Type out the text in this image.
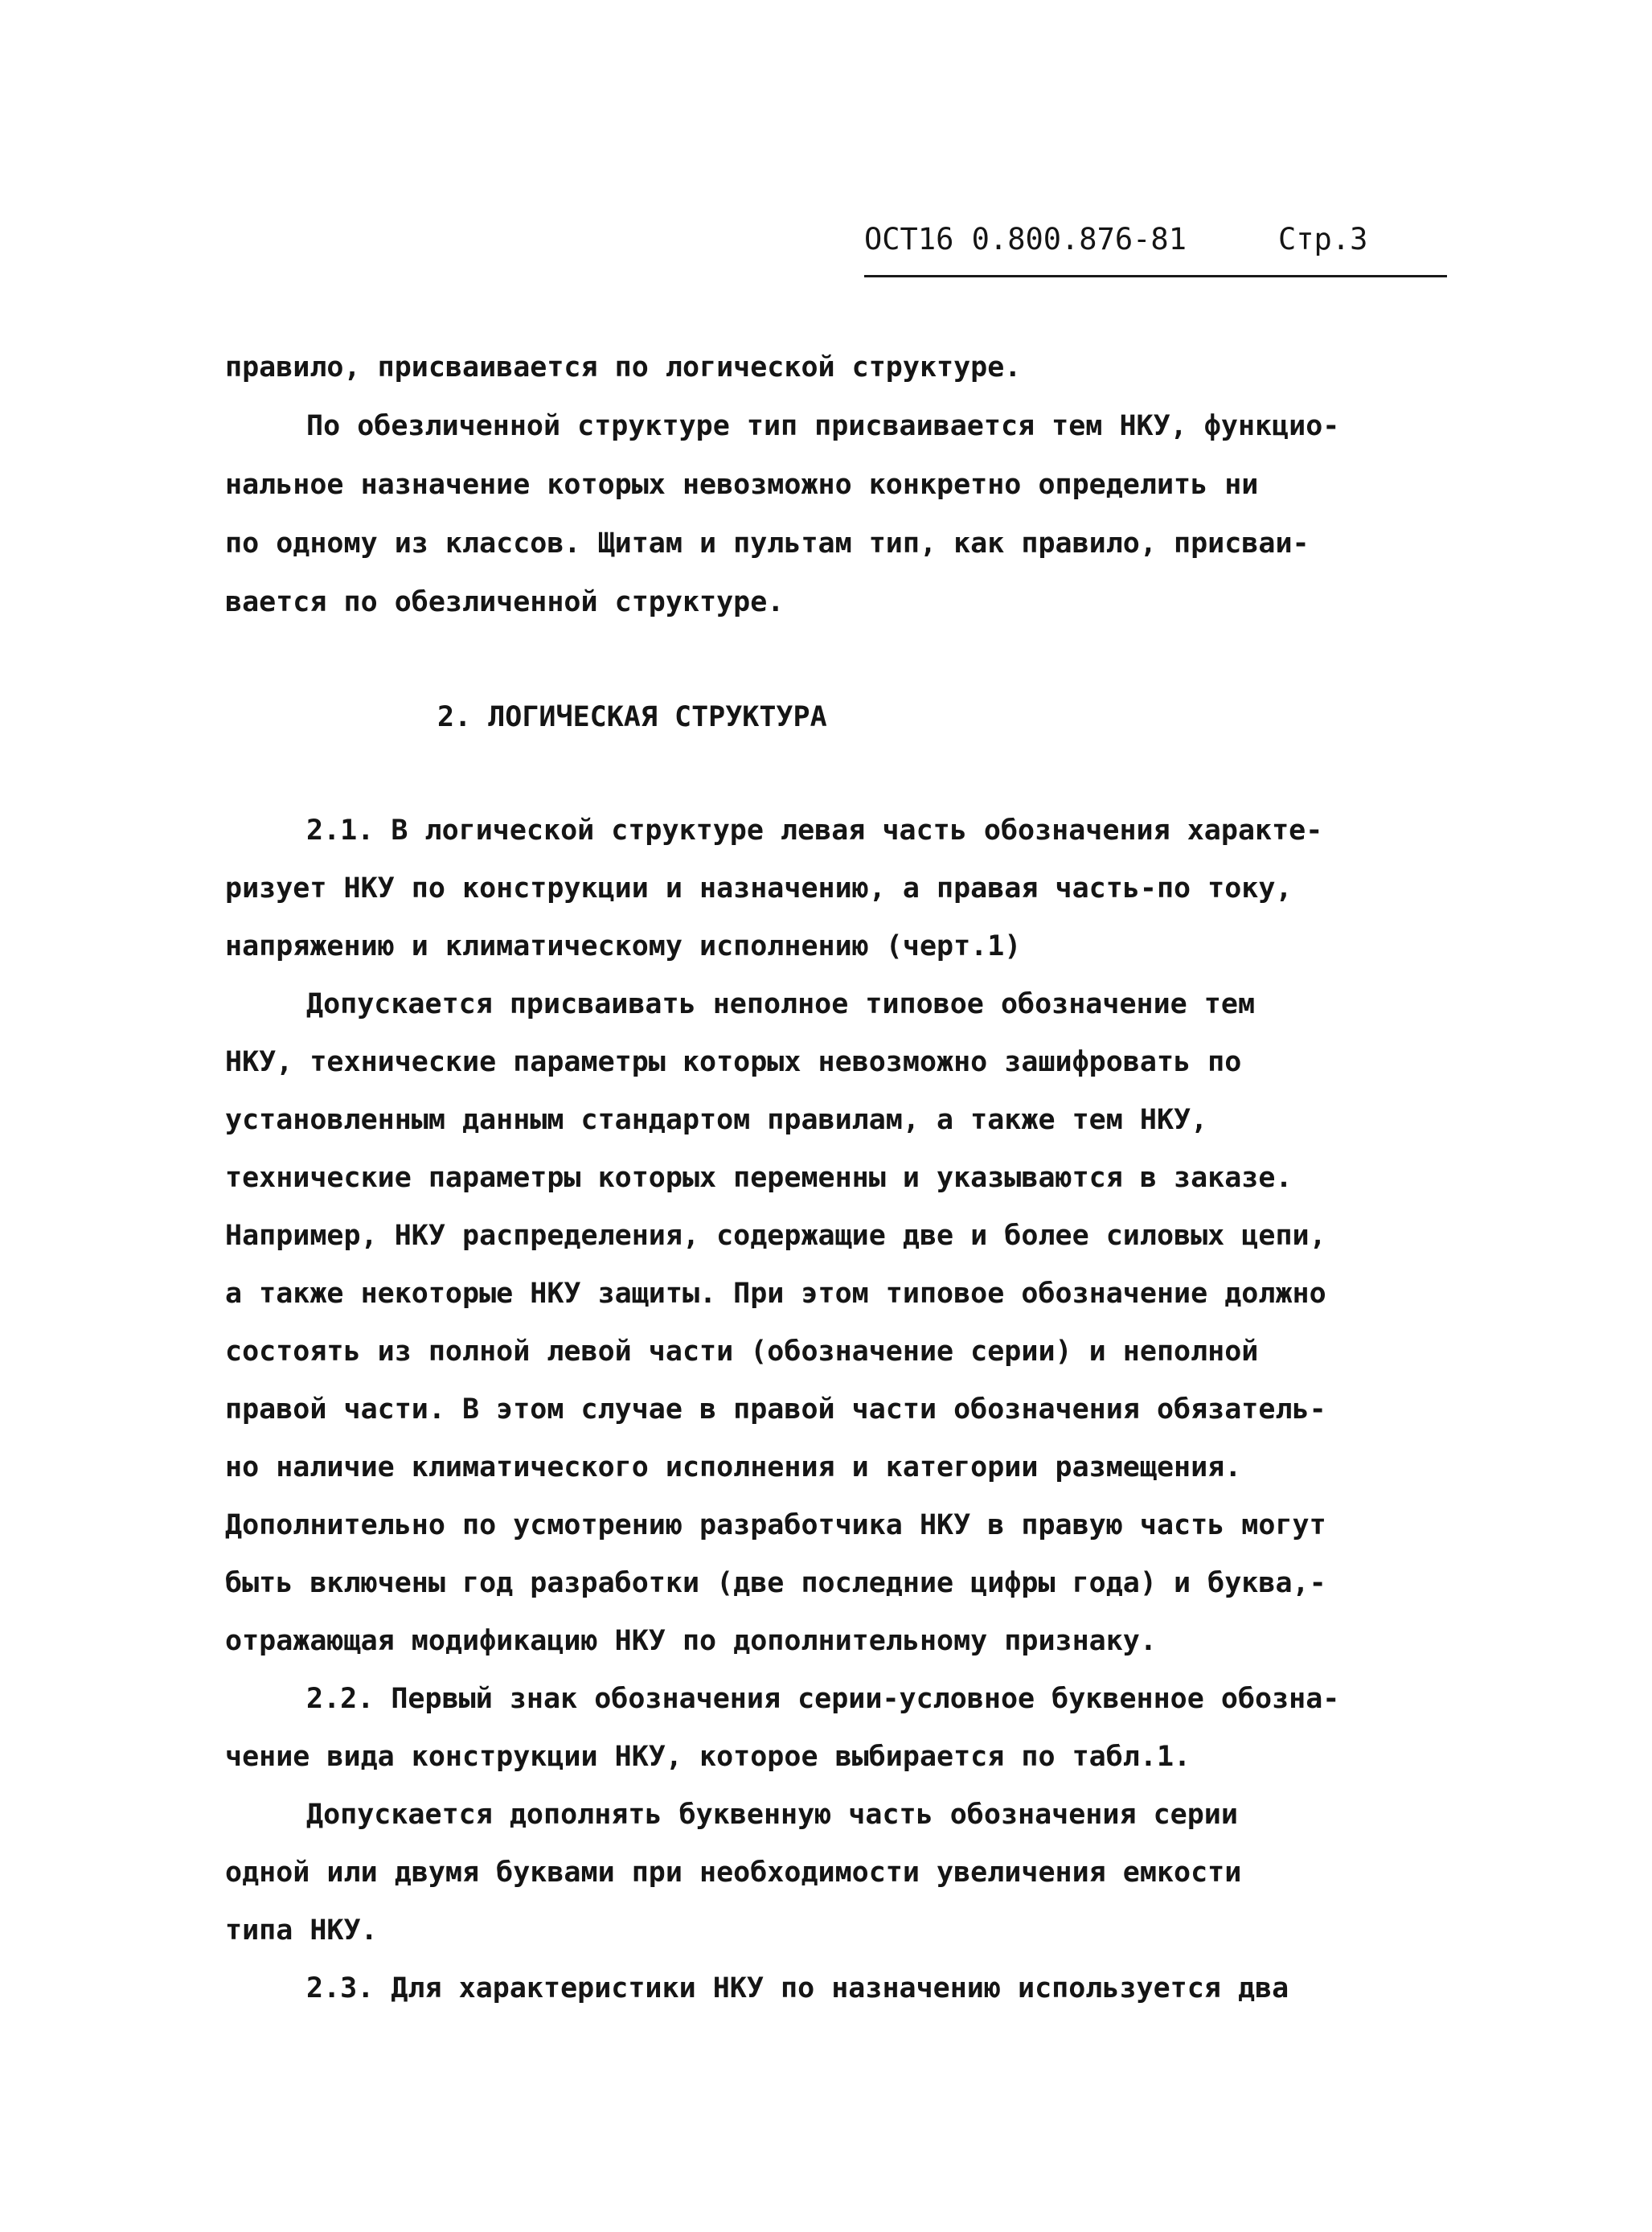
ОСТ16 0.800.876-81	Стр.3
правило, присваивается по логической структуре.
По обезличенной структуре тип присваивается тем НКУ, функцио-
нальное назначение которых невозможно конкретно определить ни
по одному из классов. Щитам и пультам тип, как правило, присваи-
вается по обезличенной структуре.
2. ЛОГИЧЕСКАЯ СТРУКТУРА
2.1. В логической структуре левая часть обозначения характе-
ризует НКУ по конструкции и назначению, а правая часть-по току,
напряжению и климатическому исполнению (черт.1)
Допускается присваивать неполное типовое обозначение тем
НКУ, технические параметры которых невозможно зашифровать по
установленным данным стандартом правилам, а также тем НКУ,
технические параметры которых переменны и указываются в заказе.
Например, НКУ распределения, содержащие две и более силовых цепи,
а также некоторые НКУ защиты. При этом типовое обозначение должно
состоять из полной левой части (обозначение серии) и неполной
правой части. В этом случае в правой части обозначения обязатель-
но наличие климатического исполнения и категории размещения.
Дополнительно по усмотрению разработчика НКУ в правую часть могут
быть включены год разработки (две последние цифры года) и буква,-
отражающая модификацию НКУ по дополнительному признаку.
2.2. Первый знак обозначения серии-условное буквенное обозна-
чение вида конструкции НКУ, которое выбирается по табл.1.
Допускается дополнять буквенную часть обозначения серии
одной или двумя буквами при необходимости увеличения емкости
типа НКУ.
2.3. Для характеристики НКУ по назначению используется два
